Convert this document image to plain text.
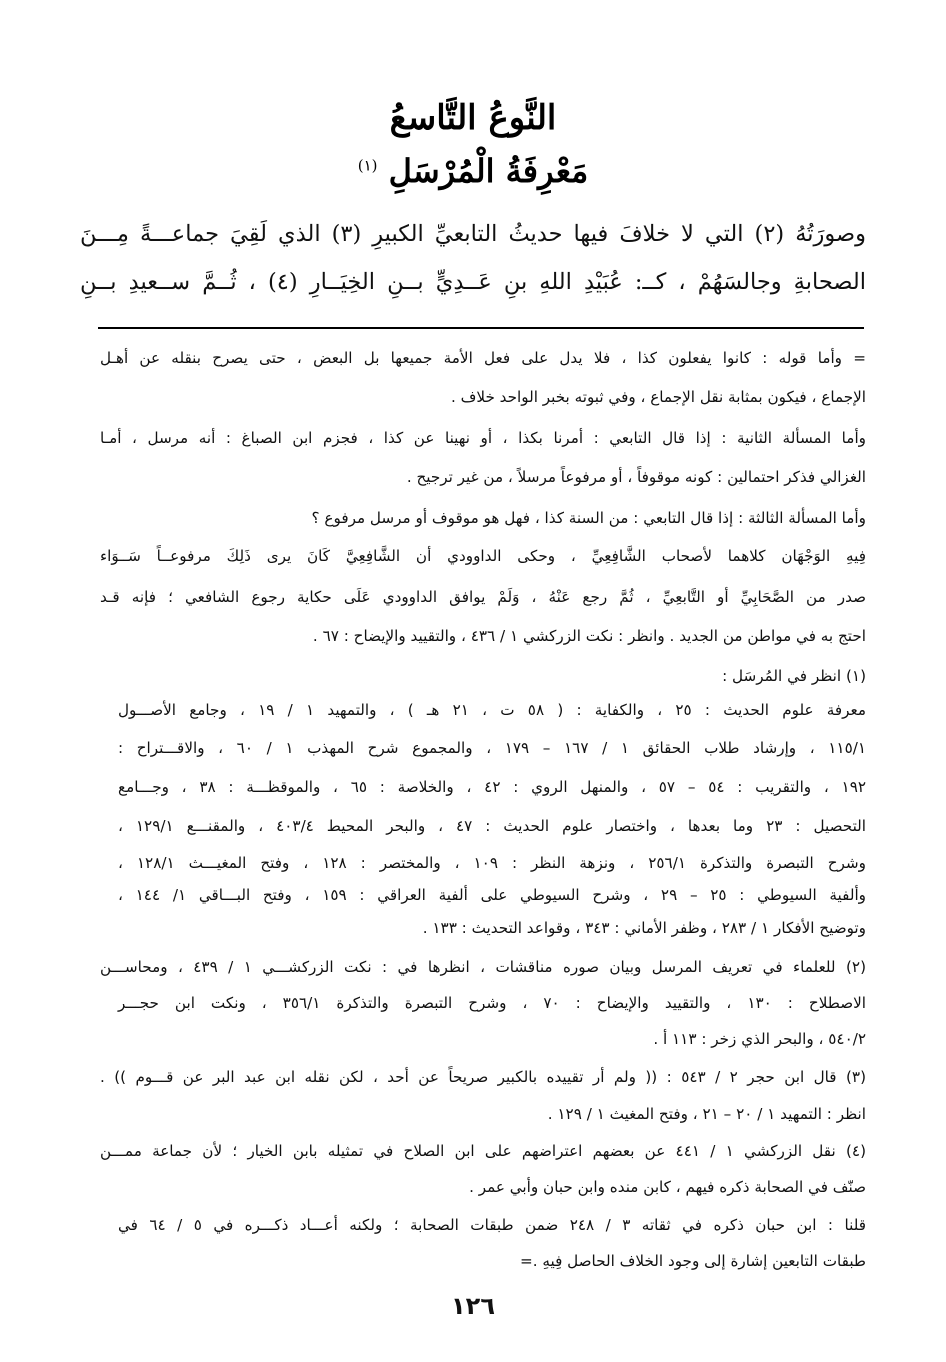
النَّوعُ التَّاسعُ
مَعْرِفَةُ الْمُرْسَلِ $^{(١)}$
وصورَتُهُ (٢) التي لا خلافَ فيها حديثُ التابعيِّ الكبيرِ (٣) الذي لَقِيَ جماعـــةً مِـــنَ
الصحابةِ وجالسَهُمْ ، كــ: عُبَيْدِ اللهِ بنِ عَــدِيٍّ بــنِ الخِيَــارِ (٤) ، ثُــمَّ ســعيدِ بــنِ
= وأما قوله : كانوا يفعلون كذا ، فلا يدل على فعل الأمة جميعها بل البعض ، حتى يصرح بنقله عن أهـل
الإجماع ، فيكون بمثابة نقل الإجماع ، وفي ثبوته بخبر الواحد خلاف .
وأما المسألة الثانية : إذا قال التابعي : أمرنا بكذا ، أو نهينا عن كذا ، فجزم ابن الصباغ : أنه مرسل ، أمـا
الغزالي فذكر احتمالين : كونه موقوفاً ، أو مرفوعاً مرسلاً ، من غير ترجيح .
وأما المسألة الثالثة : إذا قال التابعي : من السنة كذا ، فهل هو موقوف أو مرسل مرفوع ؟
فِيهِ الوَجْهَان كلاهما لأصحاب الشَّافِعِيِّ ، وحكى الداوودي أن الشَّافِعِيَّ كَانَ يرى ذَلِكَ مرفوعــاً سَــوَاء
صدر من الصَّحَابِيِّ أو التَّابعِيِّ ، ثُمَّ رجع عَنْهُ ، وَلَمْ يوافق الداوودي عَلَى حكاية رجوع الشافعي ؛ فإنه قـد
احتج به في مواطن من الجديد . وانظر : نكت الزركشي ١ / ٤٣٦ ، والتقييد والإيضاح : ٦٧ .
(١) انظر في المُرسَل :
معرفة علوم الحديث : ٢٥ ، والكفاية : ( ٥٨ ت ، ٢١ هـ ) ، والتمهيد ١ / ١٩ ، وجامع الأصـــول
١١٥/١ ، وإرشاد طلاب الحقائق ١ / ١٦٧ – ١٧٩ ، والمجموع شرح المهذب ١ / ٦٠ ، والاقـــتراح :
١٩٢ ، والتقريب : ٥٤ – ٥٧ ، والمنهل الروي : ٤٢ ، والخلاصة : ٦٥ ، والموقظـــة : ٣٨ ، وجـــامع
التحصيل : ٢٣ وما بعدها ، واختصار علوم الحديث : ٤٧ ، والبحر المحيط ٤٠٣/٤ ، والمقنـــع ١٢٩/١ ،
وشرح التبصرة والتذكرة ٢٥٦/١ ، ونزهة النظر : ١٠٩ ، والمختصر : ١٢٨ ، وفتح المغيـــث ١٢٨/١ ،
وألفية السيوطي : ٢٥ – ٢٩ ، وشرح السيوطي على ألفية العراقي : ١٥٩ ، وفتح البـــاقي ١/ ١٤٤ ،
وتوضيح الأفكار ١ / ٢٨٣ ، وظفر الأماني : ٣٤٣ ، وقواعد التحديث : ١٣٣ .
(٢) للعلماء في تعريف المرسل وبيان صوره مناقشات ، انظرها في : نكت الزركشـــي ١ / ٤٣٩ ، ومحاســـن
الاصطلاح : ١٣٠ ، والتقييد والإيضاح : ٧٠ ، وشرح التبصرة والتذكرة ٣٥٦/١ ، ونكت ابن حجـــر
٥٤٠/٢ ، والبحر الذي زخر : ١١٣ أ .
(٣) قال ابن حجر ٢ / ٥٤٣ : (( ولم أر تقييده بالكبير صريحاً عن أحد ، لكن نقله ابن عبد البر عن قـــوم )) .
انظر : التمهيد ١ / ٢٠ – ٢١ ، وفتح المغيث ١ / ١٢٩ .
(٤) نقل الزركشي ١ / ٤٤١ عن بعضهم اعتراضهم على ابن الصلاح في تمثيله بابن الخيار ؛ لأن جماعة ممـــن
صنّف في الصحابة ذكره فيهم ، كابن منده وابن حبان وأبي عمر .
قلنا : ابن حبان ذكره في ثقاته ٣ / ٢٤٨ ضمن طبقات الصحابة ؛ ولكنه أعـــاد ذكـــره في ٥ / ٦٤ في
طبقات التابعين إشارة إلى وجود الخلاف الحاصل فِيهِ .=
١٢٦
